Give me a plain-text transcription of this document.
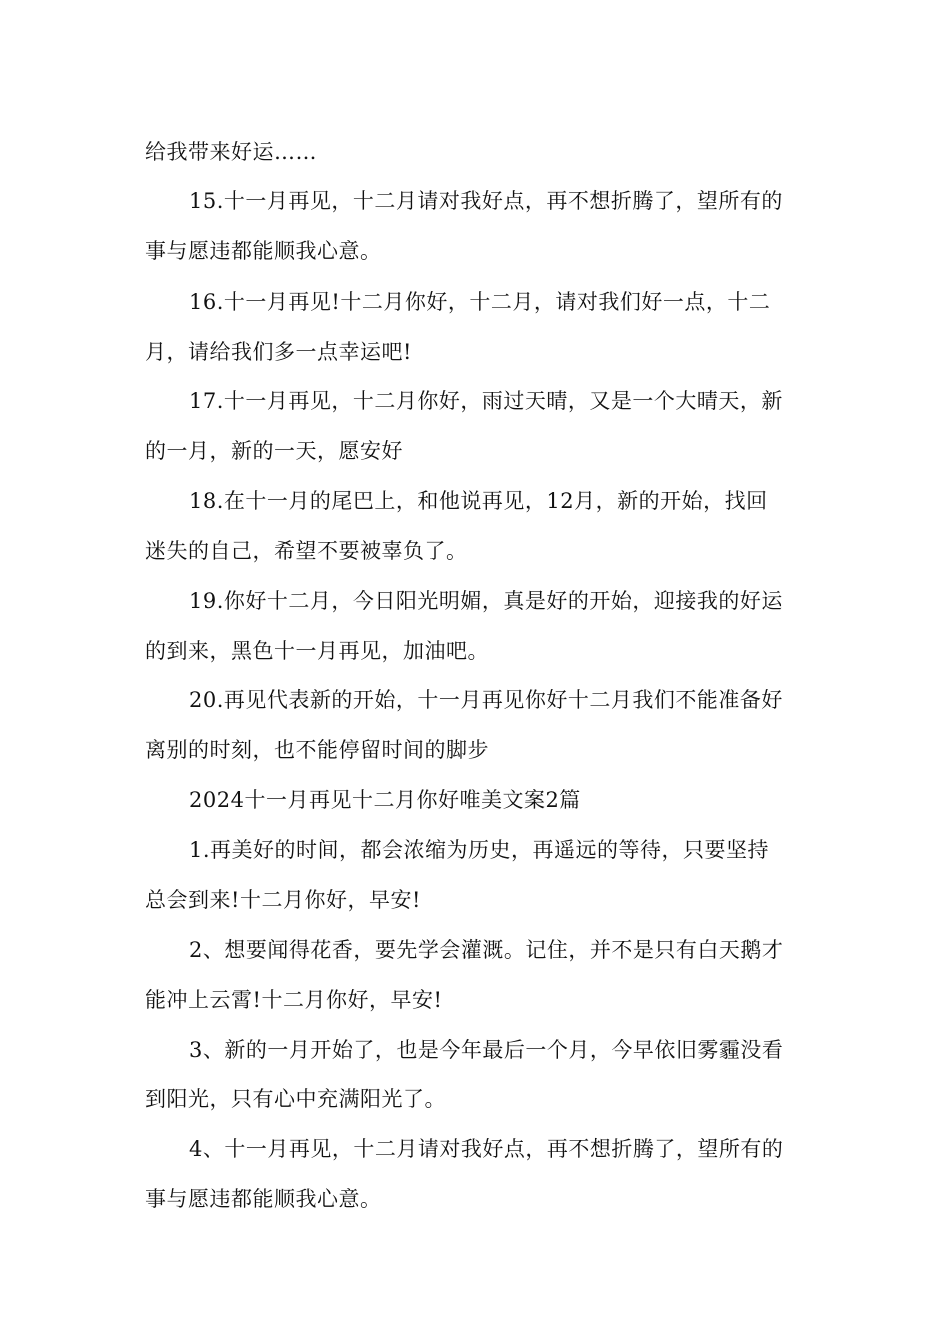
给我带来好运……
15.十一月再见，十二月请对我好点，再不想折腾了，望所有的
事与愿违都能顺我心意。
16.十一月再见!十二月你好，十二月，请对我们好一点，十二
月，请给我们多一点幸运吧!
17.十一月再见，十二月你好，雨过天晴，又是一个大晴天，新
的一月，新的一天，愿安好
18.在十一月的尾巴上，和他说再见，12月，新的开始，找回
迷失的自己，希望不要被辜负了。
19.你好十二月，今日阳光明媚，真是好的开始，迎接我的好运
的到来，黑色十一月再见，加油吧。
20.再见代表新的开始，十一月再见你好十二月我们不能准备好
离别的时刻，也不能停留时间的脚步
2024十一月再见十二月你好唯美文案2篇
1.再美好的时间，都会浓缩为历史，再遥远的等待，只要坚持
总会到来!十二月你好，早安!
2、想要闻得花香，要先学会灌溉。记住，并不是只有白天鹅才
能冲上云霄!十二月你好，早安!
3、新的一月开始了，也是今年最后一个月，今早依旧雾霾没看
到阳光，只有心中充满阳光了。
4、十一月再见，十二月请对我好点，再不想折腾了，望所有的
事与愿违都能顺我心意。
